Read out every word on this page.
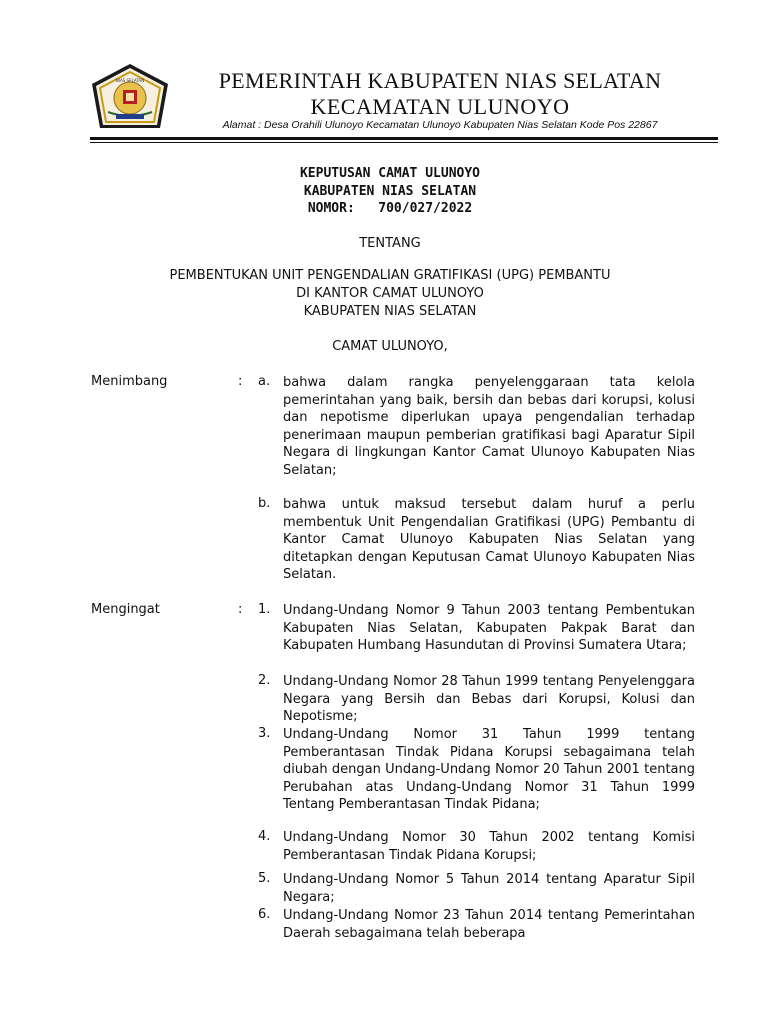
NIAS SELATAN	PEMERINTAH KABUPATEN NIAS SELATAN
KECAMATAN ULUNOYO
Alamat : Desa Orahili Ulunoyo Kecamatan Ulunoyo Kabupaten Nias Selatan Kode Pos 22867
KEPUTUSAN CAMAT ULUNOYO
KABUPATEN NIAS SELATAN
NOMOR: 700/027/2022
TENTANG
PEMBENTUKAN UNIT PENGENDALIAN GRATIFIKASI (UPG) PEMBANTU
DI KANTOR CAMAT ULUNOYO
KABUPATEN NIAS SELATAN
CAMAT ULUNOYO,
Menimbang	: a. bahwa dalam rangka penyelenggaraan tata kelola pemerintahan yang baik, bersih dan bebas dari korupsi, kolusi dan nepotisme diperlukan upaya pengendalian terhadap penerimaan maupun pemberian gratifikasi bagi Aparatur Sipil Negara di lingkungan Kantor Camat Ulunoyo Kabupaten Nias Selatan;
b. bahwa untuk maksud tersebut dalam huruf a perlu membentuk Unit Pengendalian Gratifikasi (UPG) Pembantu di Kantor Camat Ulunoyo Kabupaten Nias Selatan yang ditetapkan dengan Keputusan Camat Ulunoyo Kabupaten Nias Selatan.
Mengingat	: 1. Undang-Undang Nomor 9 Tahun 2003 tentang Pembentukan Kabupaten Nias Selatan, Kabupaten Pakpak Barat dan Kabupaten Humbang Hasundutan di Provinsi Sumatera Utara;
2. Undang-Undang Nomor 28 Tahun 1999 tentang Penyelenggara Negara yang Bersih dan Bebas dari Korupsi, Kolusi dan Nepotisme;
3. Undang-Undang Nomor 31 Tahun 1999 tentang Pemberantasan Tindak Pidana Korupsi sebagaimana telah diubah dengan Undang-Undang Nomor 20 Tahun 2001 tentang Perubahan atas Undang-Undang Nomor 31 Tahun 1999 Tentang Pemberantasan Tindak Pidana;
4. Undang-Undang Nomor 30 Tahun 2002 tentang Komisi Pemberantasan Tindak Pidana Korupsi;
5. Undang-Undang Nomor 5 Tahun 2014 tentang Aparatur Sipil Negara;
6. Undang-Undang Nomor 23 Tahun 2014 tentang Pemerintahan Daerah sebagaimana telah beberapa
